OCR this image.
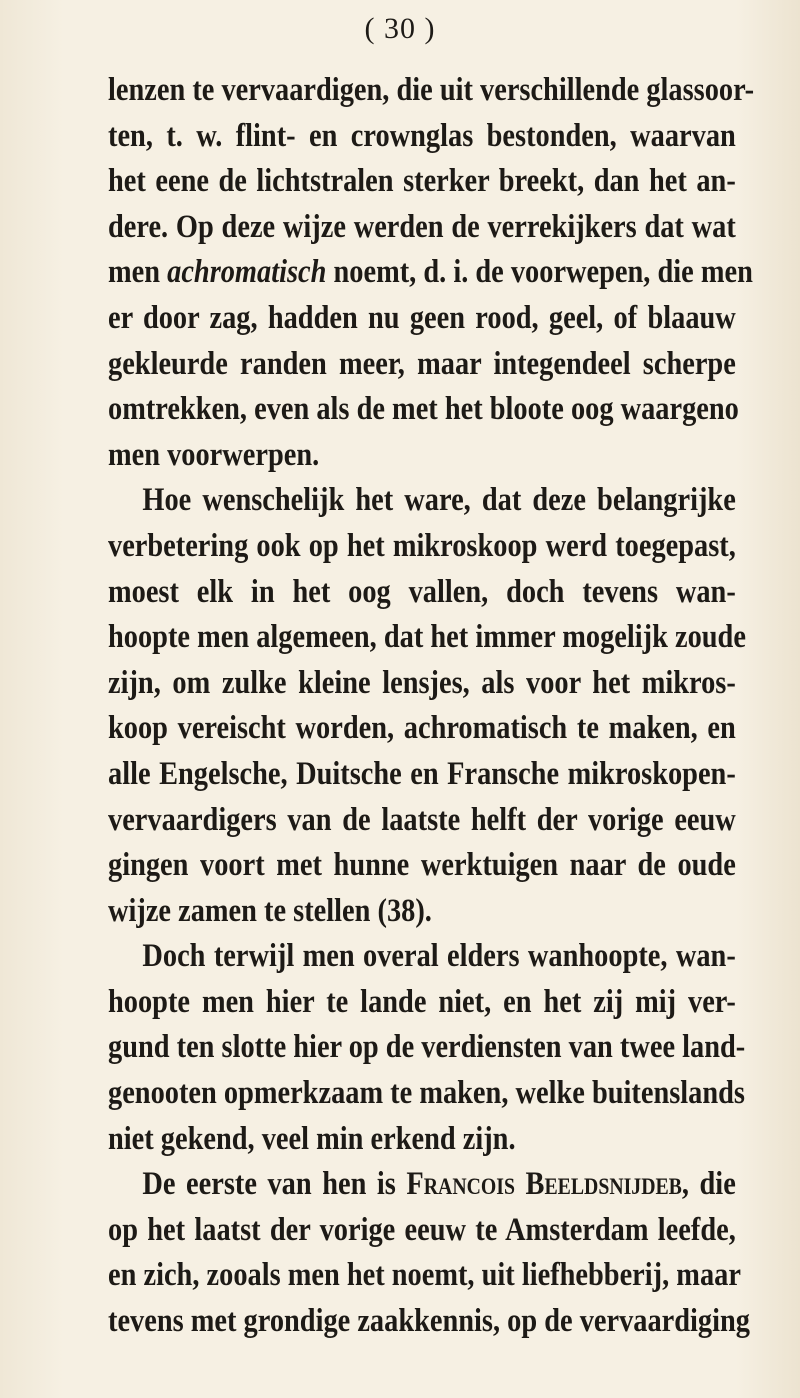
( 30 )
lenzen te vervaardigen, die uit verschillende glassoor-
ten, t. w. flint- en crownglas bestonden, waarvan
het eene de lichtstralen sterker breekt, dan het an-
dere. Op deze wijze werden de verrekijkers dat wat
men achromatisch noemt, d. i. de voorwepen, die men
er door zag, hadden nu geen rood, geel, of blaauw
gekleurde randen meer, maar integendeel scherpe
omtrekken, even als de met het bloote oog waargeno
men voorwerpen.
Hoe wenschelijk het ware, dat deze belangrijke
verbetering ook op het mikroskoop werd toegepast,
moest elk in het oog vallen, doch tevens wan-
hoopte men algemeen, dat het immer mogelijk zoude
zijn, om zulke kleine lensjes, als voor het mikros-
koop vereischt worden, achromatisch te maken, en
alle Engelsche, Duitsche en Fransche mikroskopen-
vervaardigers van de laatste helft der vorige eeuw
gingen voort met hunne werktuigen naar de oude
wijze zamen te stellen (38).
Doch terwijl men overal elders wanhoopte, wan-
hoopte men hier te lande niet, en het zij mij ver-
gund ten slotte hier op de verdiensten van twee land-
genooten opmerkzaam te maken, welke buitenslands
niet gekend, veel min erkend zijn.
De eerste van hen is Francois Beeldsnijdeb, die
op het laatst der vorige eeuw te Amsterdam leefde,
en zich, zooals men het noemt, uit liefhebberij, maar
tevens met grondige zaakkennis, op de vervaardiging
